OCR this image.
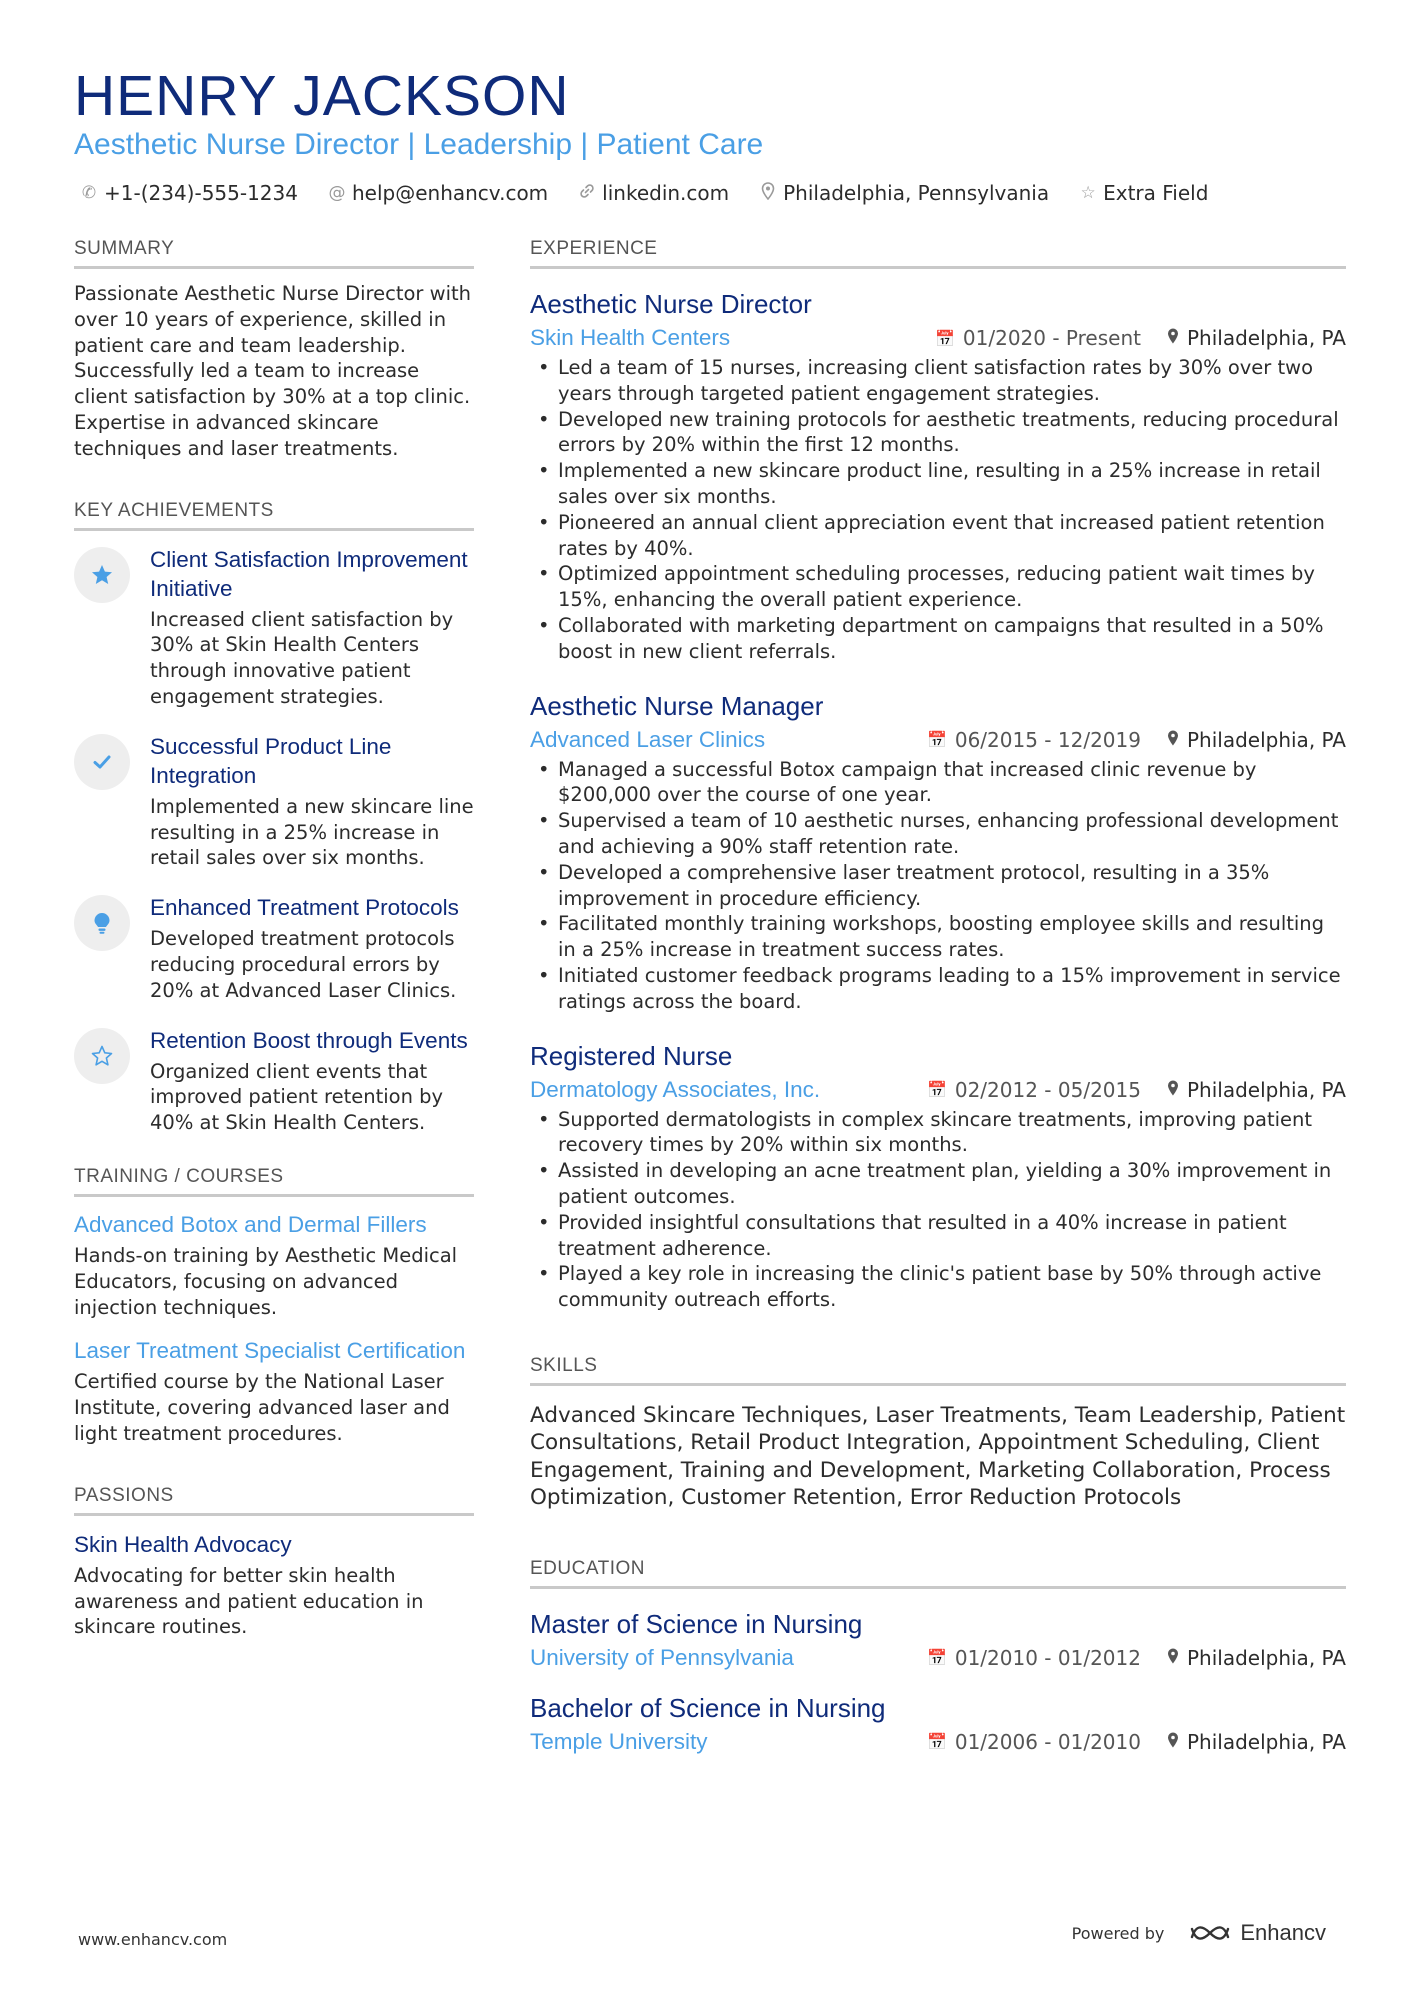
HENRY JACKSON
Aesthetic Nurse Director | Leadership | Patient Care
✆ +1-(234)-555-1234 @ help@enhancv.com	linkedin.com	Philadelphia, Pennsylvania ☆ Extra Field
SUMMARY
Passionate Aesthetic Nurse Director with over 10 years of experience, skilled in patient care and team leadership. Successfully led a team to increase client satisfaction by 30% at a top clinic. Expertise in advanced skincare techniques and laser treatments.
KEY ACHIEVEMENTS
Client Satisfaction Improvement Initiative
Increased client satisfaction by 30% at Skin Health Centers through innovative patient engagement strategies.
Successful Product Line Integration
Implemented a new skincare line resulting in a 25% increase in retail sales over six months.
Enhanced Treatment Protocols
Developed treatment protocols reducing procedural errors by 20% at Advanced Laser Clinics.
Retention Boost through Events
Organized client events that improved patient retention by 40% at Skin Health Centers.
TRAINING / COURSES
Advanced Botox and Dermal Fillers
Hands-on training by Aesthetic Medical Educators, focusing on advanced injection techniques.
Laser Treatment Specialist Certification
Certified course by the National Laser Institute, covering advanced laser and light treatment procedures.
PASSIONS
Skin Health Advocacy
Advocating for better skin health awareness and patient education in skincare routines.
EXPERIENCE
Aesthetic Nurse Director
Skin Health Centers	📅 01/2020 - Present Philadelphia, PA
• Led a team of 15 nurses, increasing client satisfaction rates by 30% over two years through targeted patient engagement strategies.
• Developed new training protocols for aesthetic treatments, reducing procedural errors by 20% within the first 12 months.
• Implemented a new skincare product line, resulting in a 25% increase in retail sales over six months.
• Pioneered an annual client appreciation event that increased patient retention rates by 40%.
• Optimized appointment scheduling processes, reducing patient wait times by 15%, enhancing the overall patient experience.
• Collaborated with marketing department on campaigns that resulted in a 50% boost in new client referrals.
Aesthetic Nurse Manager
Advanced Laser Clinics	📅 06/2015 - 12/2019 Philadelphia, PA
• Managed a successful Botox campaign that increased clinic revenue by $200,000 over the course of one year.
• Supervised a team of 10 aesthetic nurses, enhancing professional development and achieving a 90% staff retention rate.
• Developed a comprehensive laser treatment protocol, resulting in a 35% improvement in procedure efficiency.
• Facilitated monthly training workshops, boosting employee skills and resulting in a 25% increase in treatment success rates.
• Initiated customer feedback programs leading to a 15% improvement in service ratings across the board.
Registered Nurse
Dermatology Associates, Inc.	📅 02/2012 - 05/2015 Philadelphia, PA
• Supported dermatologists in complex skincare treatments, improving patient recovery times by 20% within six months.
• Assisted in developing an acne treatment plan, yielding a 30% improvement in patient outcomes.
• Provided insightful consultations that resulted in a 40% increase in patient treatment adherence.
• Played a key role in increasing the clinic's patient base by 50% through active community outreach efforts.
SKILLS
Advanced Skincare Techniques, Laser Treatments, Team Leadership, Patient Consultations, Retail Product Integration, Appointment Scheduling, Client Engagement, Training and Development, Marketing Collaboration, Process Optimization, Customer Retention, Error Reduction Protocols
EDUCATION
Master of Science in Nursing
University of Pennsylvania	📅 01/2010 - 01/2012 Philadelphia, PA
Bachelor of Science in Nursing
Temple University	📅 01/2006 - 01/2010 Philadelphia, PA
www.enhancv.com	Powered by	Enhancv
